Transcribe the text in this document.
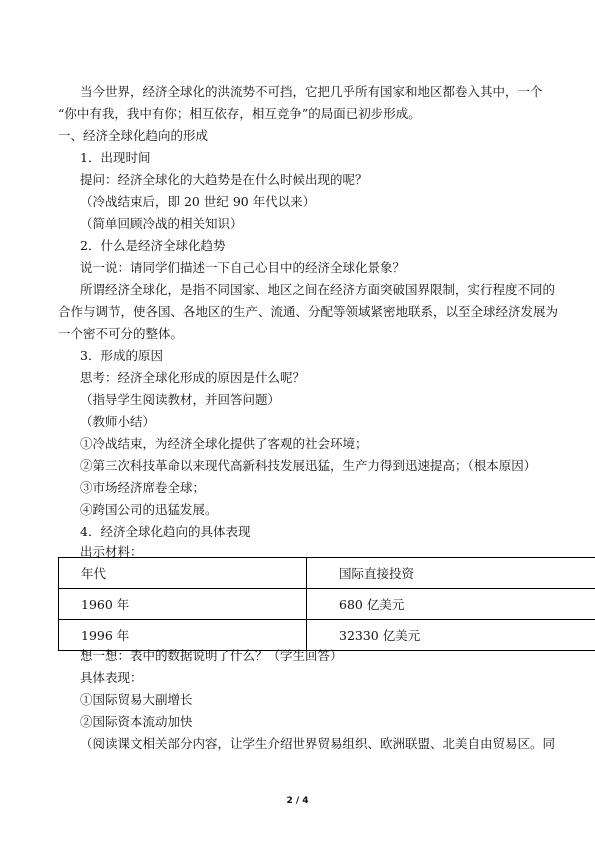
当今世界，经济全球化的洪流势不可挡，它把几乎所有国家和地区都卷入其中，一个
“你中有我，我中有你；相互依存，相互竞争”的局面已初步形成。
一、经济全球化趋向的形成
1．出现时间
提问：经济全球化的大趋势是在什么时候出现的呢？
（冷战结束后，即 20 世纪 90 年代以来）
（简单回顾冷战的相关知识）
2．什么是经济全球化趋势
说一说：请同学们描述一下自己心目中的经济全球化景象？
所谓经济全球化，是指不同国家、地区之间在经济方面突破国界限制，实行程度不同的
合作与调节，使各国、各地区的生产、流通、分配等领域紧密地联系，以至全球经济发展为
一个密不可分的整体。
3．形成的原因
思考：经济全球化形成的原因是什么呢？
（指导学生阅读教材，并回答问题）
（教师小结）
①冷战结束，为经济全球化提供了客观的社会环境；
②第三次科技革命以来现代高新科技发展迅猛，生产力得到迅速提高；（根本原因）
③市场经济席卷全球；
④跨国公司的迅猛发展。
4．经济全球化趋向的具体表现
出示材料：
年代	国际直接投资
1960 年	680 亿美元
1996 年	32330 亿美元
想一想：表中的数据说明了什么？（学生回答）
具体表现：
①国际贸易大副增长
②国际资本流动加快
（阅读课文相关部分内容，让学生介绍世界贸易组织、欧洲联盟、北美自由贸易区。同
2 / 4
